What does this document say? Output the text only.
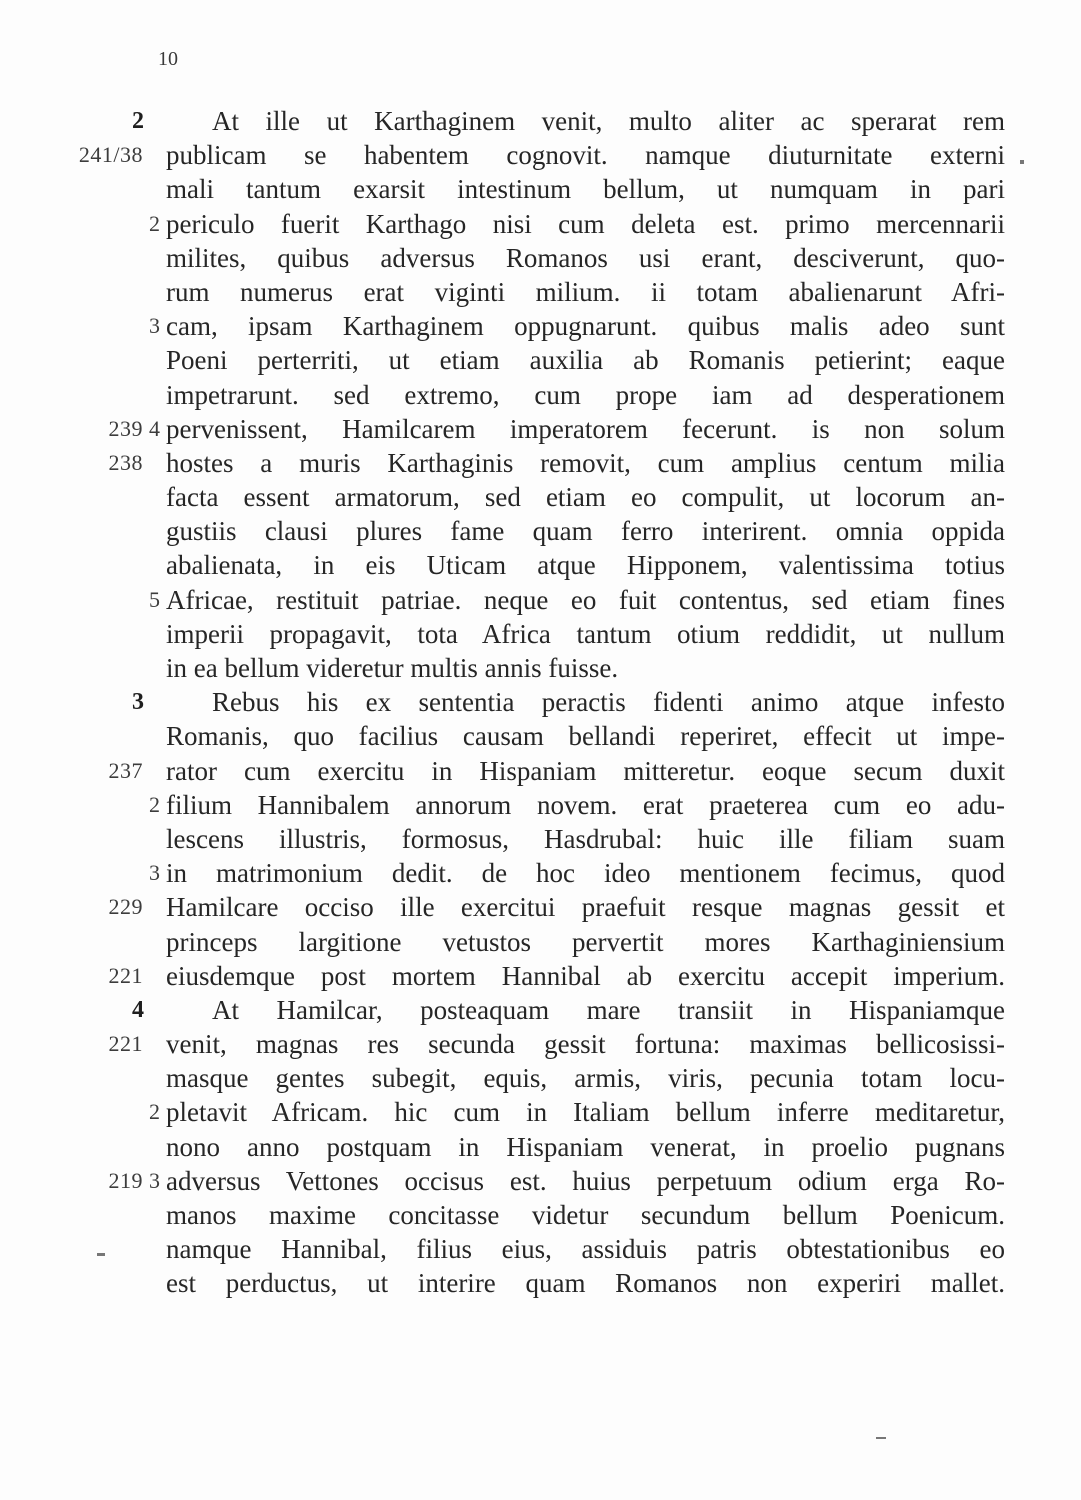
10
2	At ille ut Karthaginem venit, multo aliter ac sperarat rem
241/38 publicam se habentem cognovit. namque diuturnitate externi
mali tantum exarsit intestinum bellum, ut numquam in pari
2 periculo fuerit Karthago nisi cum deleta est. primo mercennarii
milites, quibus adversus Romanos usi erant, desciverunt, quo-
rum numerus erat viginti milium. ii totam abalienarunt Afri-
3 cam, ipsam Karthaginem oppugnarunt. quibus malis adeo sunt
Poeni perterriti, ut etiam auxilia ab Romanis petierint; eaque
impetrarunt. sed extremo, cum prope iam ad desperationem
239 4 pervenissent, Hamilcarem imperatorem fecerunt. is non solum
238 hostes a muris Karthaginis removit, cum amplius centum milia
facta essent armatorum, sed etiam eo compulit, ut locorum an-
gustiis clausi plures fame quam ferro interirent. omnia oppida
abalienata, in eis Uticam atque Hipponem, valentissima totius
5 Africae, restituit patriae. neque eo fuit contentus, sed etiam fines
imperii propagavit, tota Africa tantum otium reddidit, ut nullum
in ea bellum videretur multis annis fuisse.
3	Rebus his ex sententia peractis fidenti animo atque infesto
Romanis, quo facilius causam bellandi reperiret, effecit ut impe-
237 rator cum exercitu in Hispaniam mitteretur. eoque secum duxit
2 filium Hannibalem annorum novem. erat praeterea cum eo adu-
lescens illustris, formosus, Hasdrubal: huic ille filiam suam
3 in matrimonium dedit. de hoc ideo mentionem fecimus, quod
229 Hamilcare occiso ille exercitui praefuit resque magnas gessit et
princeps largitione vetustos pervertit mores Karthaginiensium
221 eiusdemque post mortem Hannibal ab exercitu accepit imperium.
4	At Hamilcar, posteaquam mare transiit in Hispaniamque
221 venit, magnas res secunda gessit fortuna: maximas bellicosissi-
masque gentes subegit, equis, armis, viris, pecunia totam locu-
2 pletavit Africam. hic cum in Italiam bellum inferre meditaretur,
nono anno postquam in Hispaniam venerat, in proelio pugnans
219 3 adversus Vettones occisus est. huius perpetuum odium erga Ro-
manos maxime concitasse videtur secundum bellum Poenicum.
namque Hannibal, filius eius, assiduis patris obtestationibus eo
est perductus, ut interire quam Romanos non experiri mallet.
